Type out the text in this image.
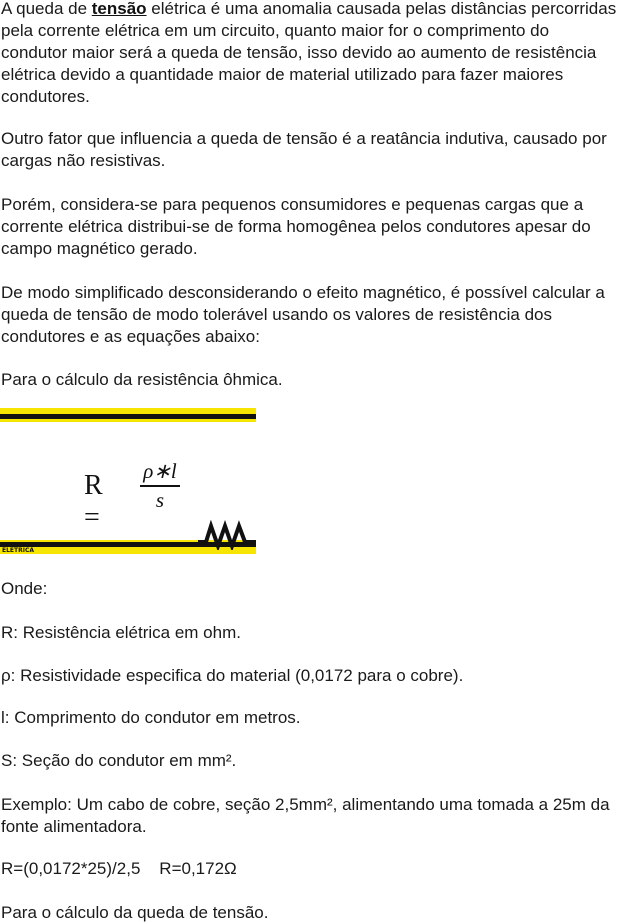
A queda de tensão elétrica é uma anomalia causada pelas distâncias percorridas pela corrente elétrica em um circuito, quanto maior for o comprimento do condutor maior será a queda de tensão, isso devido ao aumento de resistência elétrica devido a quantidade maior de material utilizado para fazer maiores condutores.

Outro fator que influencia a queda de tensão é a reatância indutiva, causado por cargas não resistivas.

Porém, considera-se para pequenos consumidores e pequenas cargas que a corrente elétrica distribui-se de forma homogênea pelos condutores apesar do campo magnético gerado.

De modo simplificado desconsiderando o efeito magnético, é possível calcular a queda de tensão de modo tolerável usando os valores de resistência dos condutores e as equações abaixo:

Para o cálculo da resistência ôhmica.

R =
ρ∗l
s
CONCEITO
ELÉTRICA

Onde:

R: Resistência elétrica em ohm.

ρ: Resistividade especifica do material (0,0172 para o cobre).

l: Comprimento do condutor em metros.

S: Seção do condutor em mm².

Exemplo: Um cabo de cobre, seção 2,5mm², alimentando uma tomada a 25m da fonte alimentadora.

R=(0,0172*25)/2,5    R=0,172Ω

Para o cálculo da queda de tensão.
